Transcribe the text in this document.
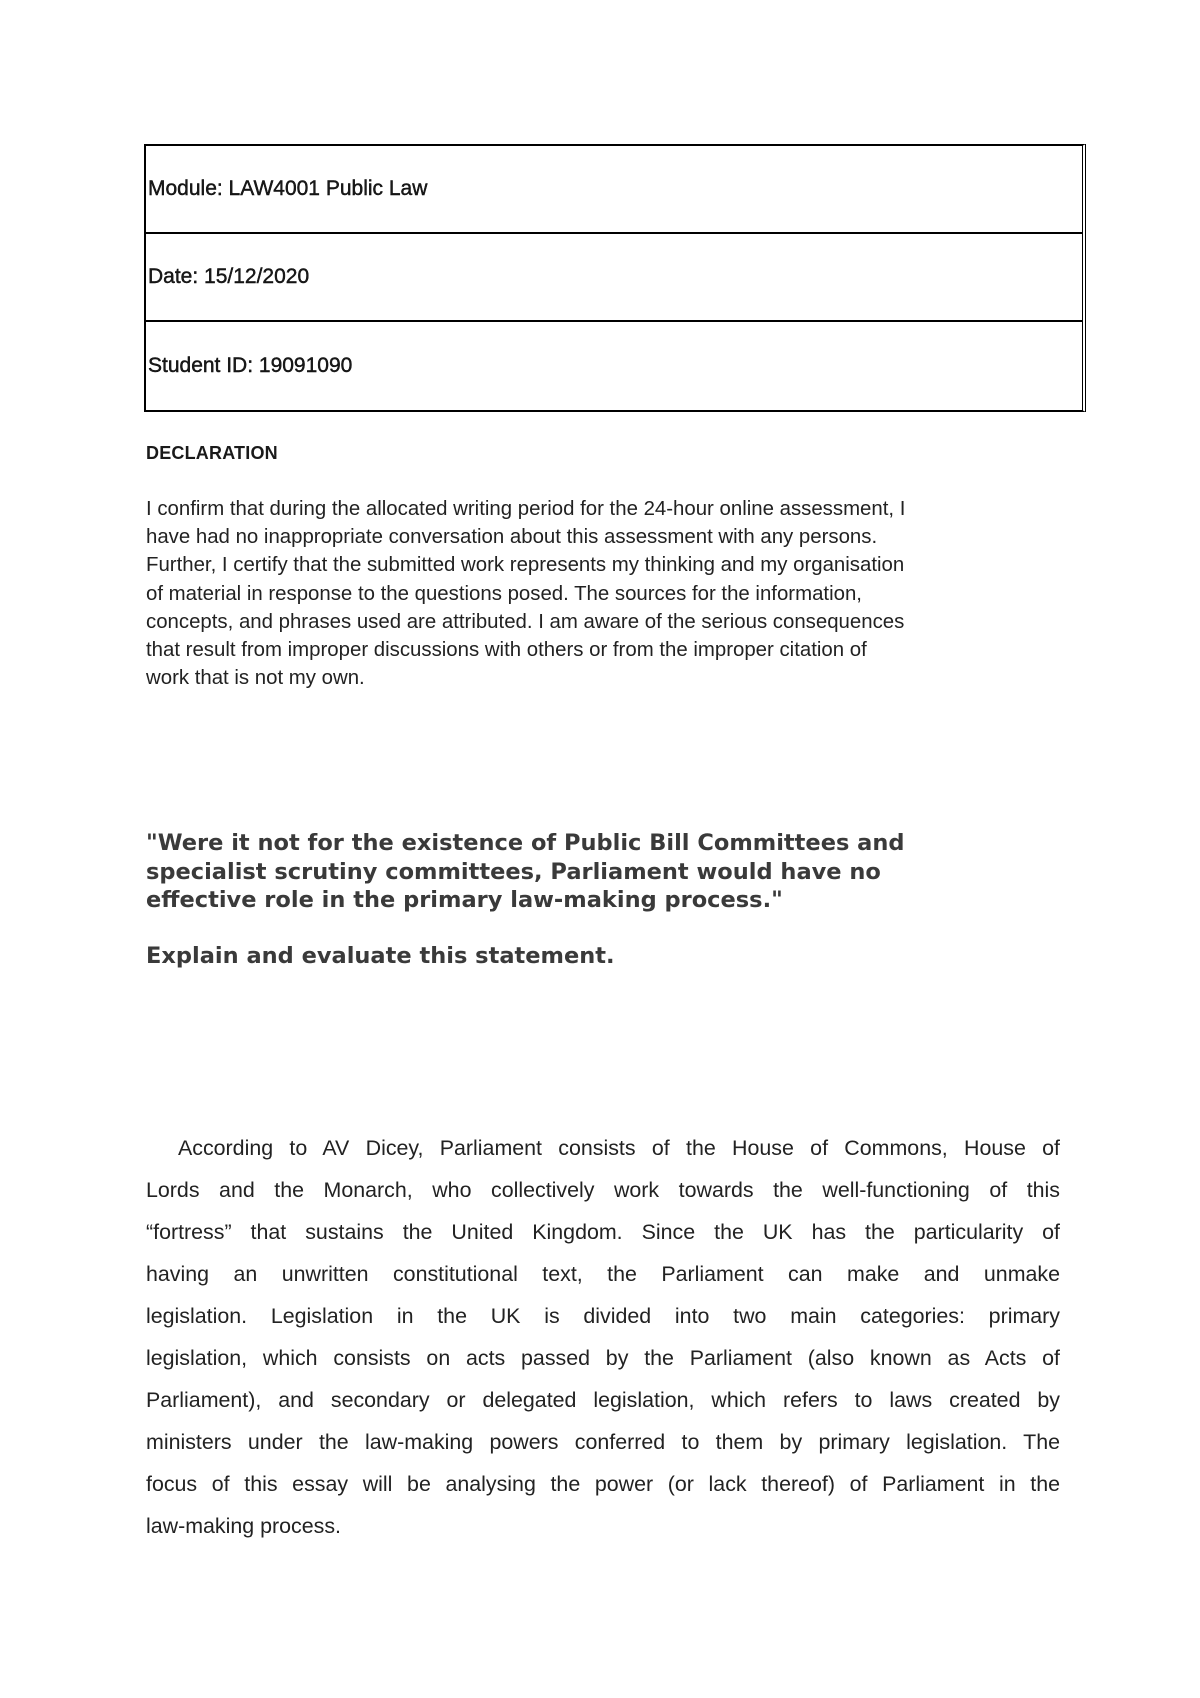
Module: LAW4001 Public Law
Date: 15/12/2020
Student ID: 19091090
DECLARATION
I confirm that during the allocated writing period for the 24-hour online assessment, I
have had no inappropriate conversation about this assessment with any persons.
Further, I certify that the submitted work represents my thinking and my organisation
of material in response to the questions posed. The sources for the information,
concepts, and phrases used are attributed. I am aware of the serious consequences
that result from improper discussions with others or from the improper citation of
work that is not my own.
"Were it not for the existence of Public Bill Committees and
specialist scrutiny committees, Parliament would have no
effective role in the primary law-making process."
Explain and evaluate this statement.
According to AV Dicey, Parliament consists of the House of Commons, House of
Lords and the Monarch, who collectively work towards the well-functioning of this
“fortress” that sustains the United Kingdom. Since the UK has the particularity of
having an unwritten constitutional text, the Parliament can make and unmake
legislation. Legislation in the UK is divided into two main categories: primary
legislation, which consists on acts passed by the Parliament (also known as Acts of
Parliament), and secondary or delegated legislation, which refers to laws created by
ministers under the law-making powers conferred to them by primary legislation. The
focus of this essay will be analysing the power (or lack thereof) of Parliament in the
law-making process.
